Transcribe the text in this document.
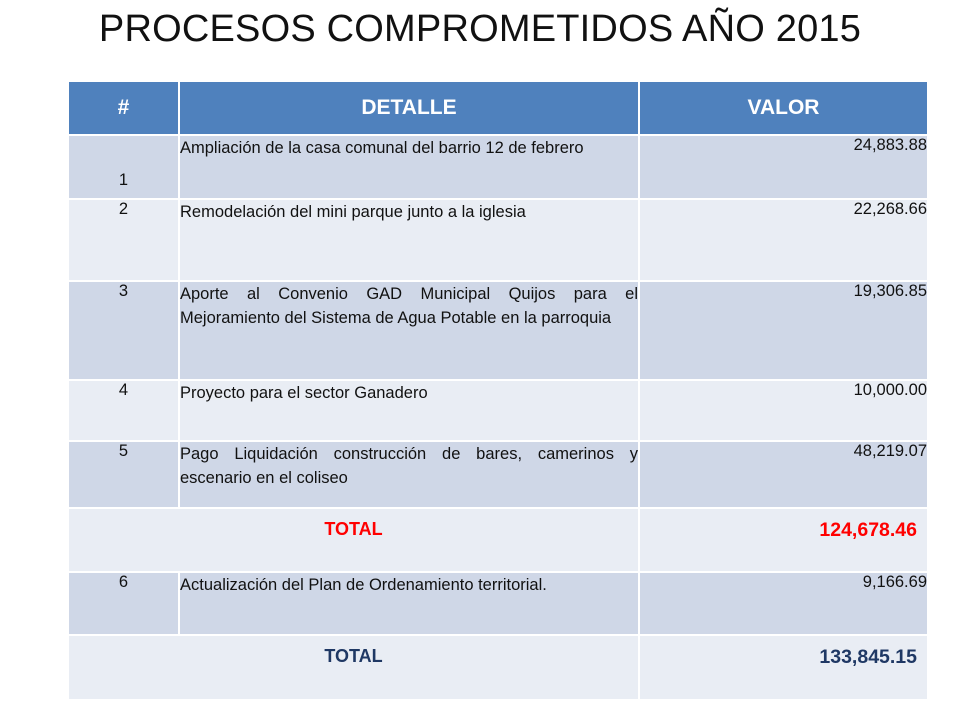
PROCESOS COMPROMETIDOS AÑO 2015
#	DETALLE	VALOR
1	Ampliación de la casa comunal del barrio 12 de febrero	24,883.88
2	Remodelación del mini parque junto a la iglesia	22,268.66
3	Aporte al Convenio GAD Municipal Quijos para el Mejoramiento del Sistema de Agua Potable en la parroquia	19,306.85
4	Proyecto para el sector Ganadero	10,000.00
5	Pago Liquidación construcción de bares, camerinos y escenario en el coliseo	48,219.07
TOTAL		124,678.46
6	Actualización del Plan de Ordenamiento territorial.	9,166.69
TOTAL		133,845.15
